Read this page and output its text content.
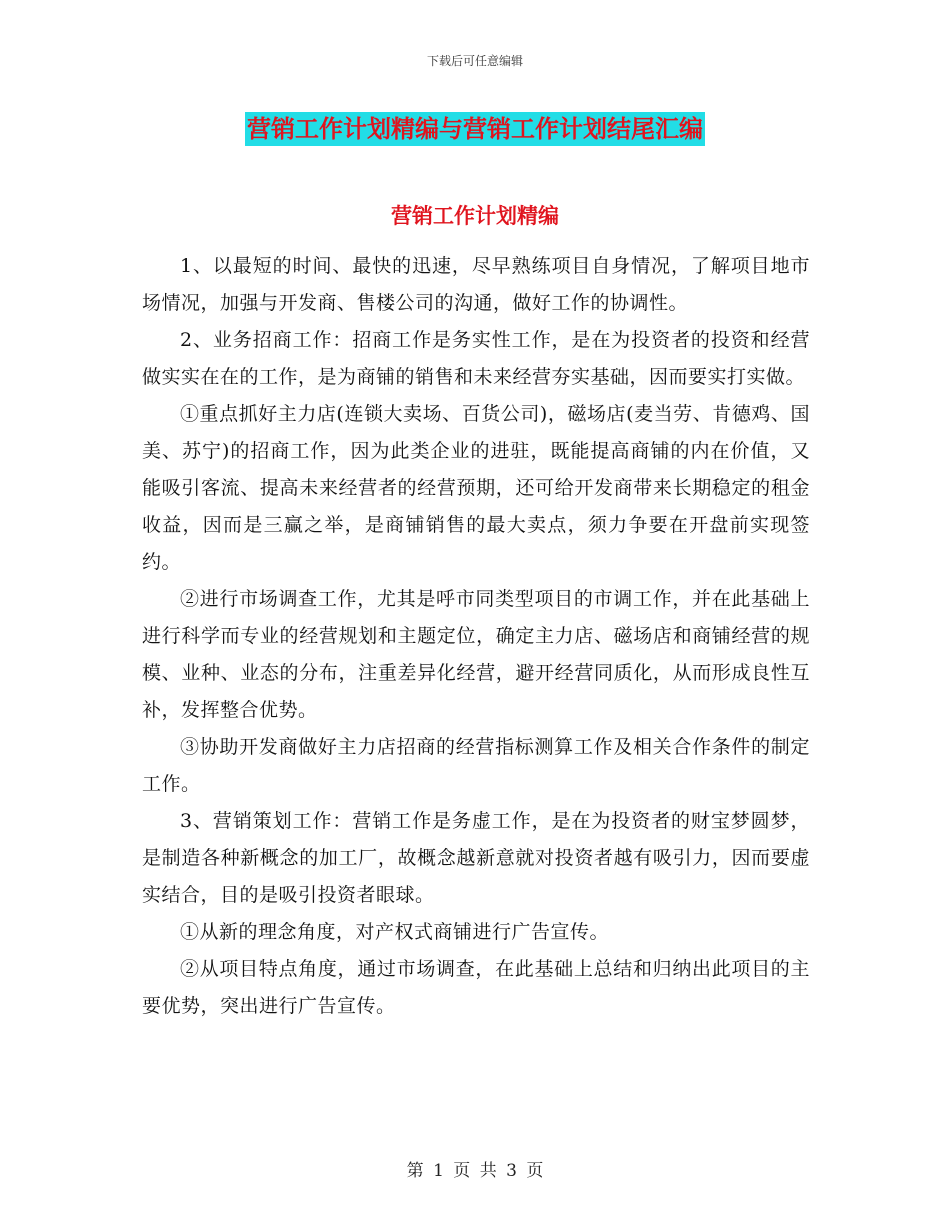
下载后可任意编辑
营销工作计划精编与营销工作计划结尾汇编
营销工作计划精编

1、以最短的时间、最快的迅速，尽早熟练项目自身情况，了解项目地市场情况，加强与开发商、售楼公司的沟通，做好工作的协调性。

2、业务招商工作：招商工作是务实性工作，是在为投资者的投资和经营做实实在在的工作，是为商铺的销售和未来经营夯实基础，因而要实打实做。

①重点抓好主力店(连锁大卖场、百货公司)，磁场店(麦当劳、肯德鸡、国美、苏宁)的招商工作，因为此类企业的进驻，既能提高商铺的内在价值，又能吸引客流、提高未来经营者的经营预期，还可给开发商带来长期稳定的租金收益，因而是三赢之举，是商铺销售的最大卖点，须力争要在开盘前实现签约。

②进行市场调查工作，尤其是呼市同类型项目的市调工作，并在此基础上进行科学而专业的经营规划和主题定位，确定主力店、磁场店和商铺经营的规模、业种、业态的分布，注重差异化经营，避开经营同质化，从而形成良性互补，发挥整合优势。

③协助开发商做好主力店招商的经营指标测算工作及相关合作条件的制定工作。

3、营销策划工作：营销工作是务虚工作，是在为投资者的财宝梦圆梦，是制造各种新概念的加工厂，故概念越新意就对投资者越有吸引力，因而要虚实结合，目的是吸引投资者眼球。

①从新的理念角度，对产权式商铺进行广告宣传。

②从项目特点角度，通过市场调查，在此基础上总结和归纳出此项目的主要优势，突出进行广告宣传。

第 1 页 共 3 页
